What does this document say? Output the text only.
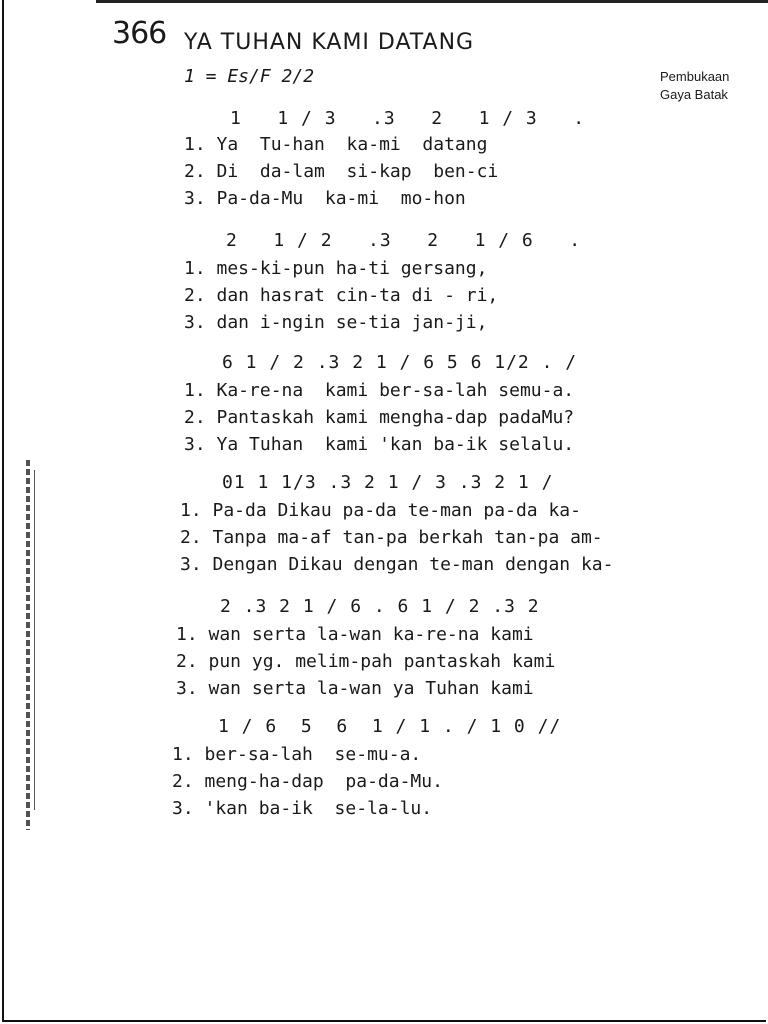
366 YA TUHAN KAMI DATANG
1 = Es/F 2/2	Pembukaan
Gaya Batak
1   1 / 3   .3   2   1 / 3   .
1. Ya  Tu-han  ka-mi  datang
2. Di  da-lam  si-kap  ben-ci
3. Pa-da-Mu  ka-mi  mo-hon
2   1 / 2   .3   2   1 / 6   .
1. mes-ki-pun ha-ti gersang,
2. dan hasrat cin-ta di - ri,
3. dan i-ngin se-tia jan-ji,
6 1 / 2 .3 2 1 / 6 5 6 1/2 . /
1. Ka-re-na  kami ber-sa-lah semu-a.
2. Pantaskah kami mengha-dap padaMu?
3. Ya Tuhan  kami 'kan ba-ik selalu.
01 1 1/3 .3 2 1 / 3 .3 2 1 /
1. Pa-da Dikau pa-da te-man pa-da ka-
2. Tanpa ma-af tan-pa berkah tan-pa am-
3. Dengan Dikau dengan te-man dengan ka-
2 .3 2 1 / 6 . 6 1 / 2 .3 2
1. wan serta la-wan ka-re-na kami
2. pun yg. melim-pah pantaskah kami
3. wan serta la-wan ya Tuhan kami
1 / 6  5  6  1 / 1 . / 1 0 //
1. ber-sa-lah  se-mu-a.
2. meng-ha-dap  pa-da-Mu.
3. 'kan ba-ik  se-la-lu.
